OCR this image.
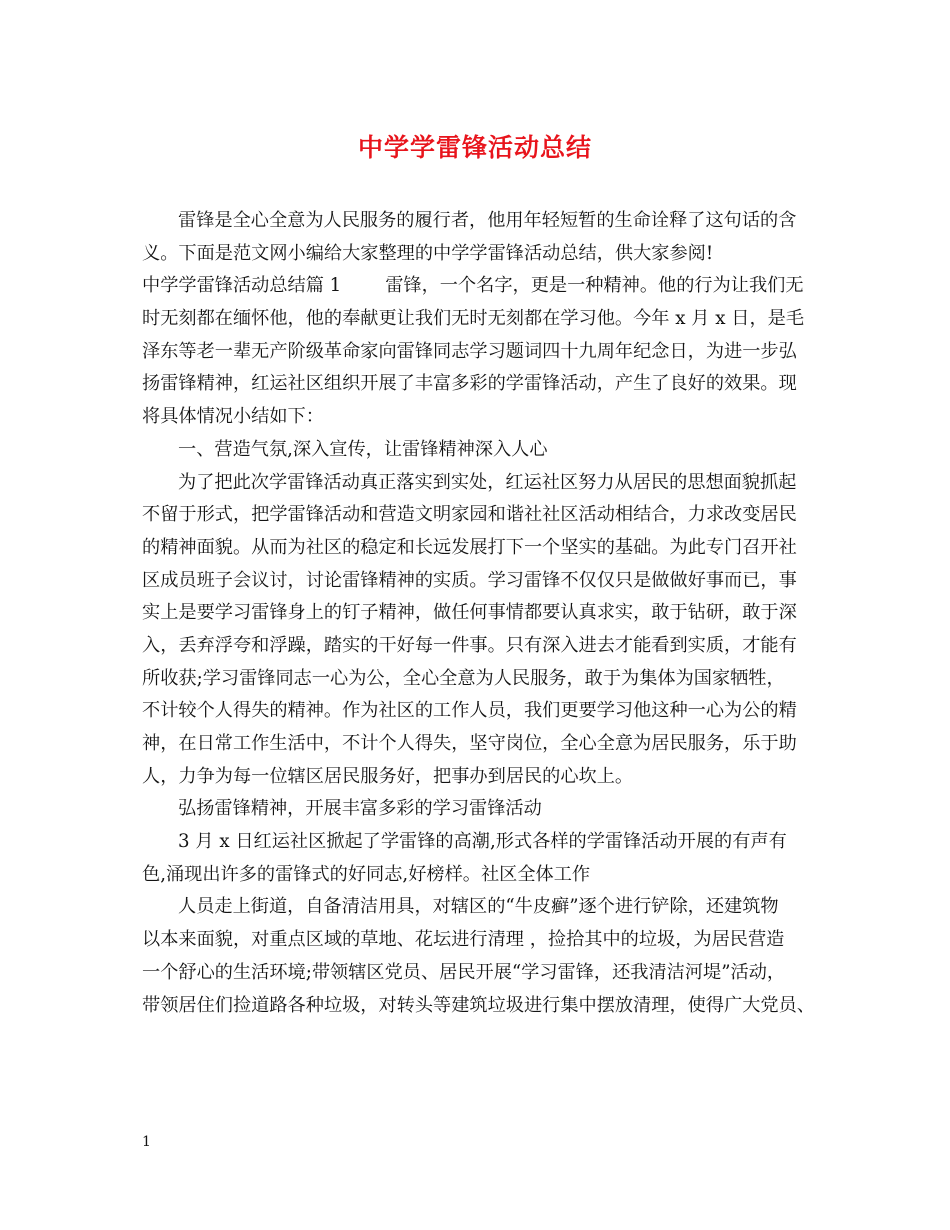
中学学雷锋活动总结
雷锋是全心全意为人民服务的履行者，他用年轻短暂的生命诠释了这句话的含
义。下面是范文网小编给大家整理的中学学雷锋活动总结，供大家参阅!
中学学雷锋活动总结篇 1 雷锋，一个名字，更是一种精神。他的行为让我们无
时无刻都在缅怀他，他的奉献更让我们无时无刻都在学习他。今年 x 月 x 日，是毛
泽东等老一辈无产阶级革命家向雷锋同志学习题词四十九周年纪念日，为进一步弘
扬雷锋精神，红运社区组织开展了丰富多彩的学雷锋活动，产生了良好的效果。现
将具体情况小结如下：
一、营造气氛,深入宣传，让雷锋精神深入人心
为了把此次学雷锋活动真正落实到实处，红运社区努力从居民的思想面貌抓起
不留于形式，把学雷锋活动和营造文明家园和谐社社区活动相结合，力求改变居民
的精神面貌。从而为社区的稳定和长远发展打下一个坚实的基础。为此专门召开社
区成员班子会议讨，讨论雷锋精神的实质。学习雷锋不仅仅只是做做好事而已，事
实上是要学习雷锋身上的钉子精神，做任何事情都要认真求实，敢于钻研，敢于深
入，丢弃浮夸和浮躁，踏实的干好每一件事。只有深入进去才能看到实质，才能有
所收获;学习雷锋同志一心为公，全心全意为人民服务，敢于为集体为国家牺牲，
不计较个人得失的精神。作为社区的工作人员，我们更要学习他这种一心为公的精
神，在日常工作生活中，不计个人得失，坚守岗位，全心全意为居民服务，乐于助
人，力争为每一位辖区居民服务好，把事办到居民的心坎上。
弘扬雷锋精神，开展丰富多彩的学习雷锋活动
3 月 x 日红运社区掀起了学雷锋的高潮,形式各样的学雷锋活动开展的有声有
色,涌现出许多的雷锋式的好同志,好榜样。社区全体工作
人员走上街道，自备清洁用具，对辖区的“牛皮癣”逐个进行铲除，还建筑物
以本来面貌，对重点区域的草地、花坛进行清理 ，捡拾其中的垃圾，为居民营造
一个舒心的生活环境;带领辖区党员、居民开展“学习雷锋，还我清洁河堤”活动，
带领居住们捡道路各种垃圾，对转头等建筑垃圾进行集中摆放清理，使得广大党员、
1
